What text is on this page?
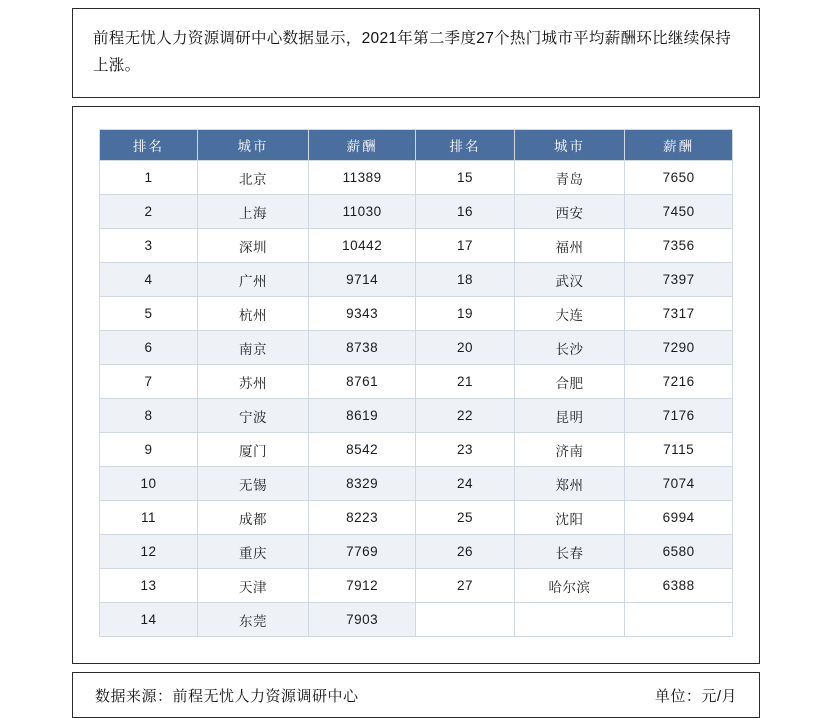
前程无忧人力资源调研中心数据显示，2021年第二季度27个热门城市平均薪酬环比继续保持上涨。
排名	城市	薪酬	排名	城市	薪酬
1	北京	11389	15	青岛	7650
2	上海	11030	16	西安	7450
3	深圳	10442	17	福州	7356
4	广州	9714	18	武汉	7397
5	杭州	9343	19	大连	7317
6	南京	8738	20	长沙	7290
7	苏州	8761	21	合肥	7216
8	宁波	8619	22	昆明	7176
9	厦门	8542	23	济南	7115
10	无锡	8329	24	郑州	7074
11	成都	8223	25	沈阳	6994
12	重庆	7769	26	长春	6580
13	天津	7912	27	哈尔滨	6388
14	东莞	7903			
数据来源：前程无忧人力资源调研中心	单位：元/月
